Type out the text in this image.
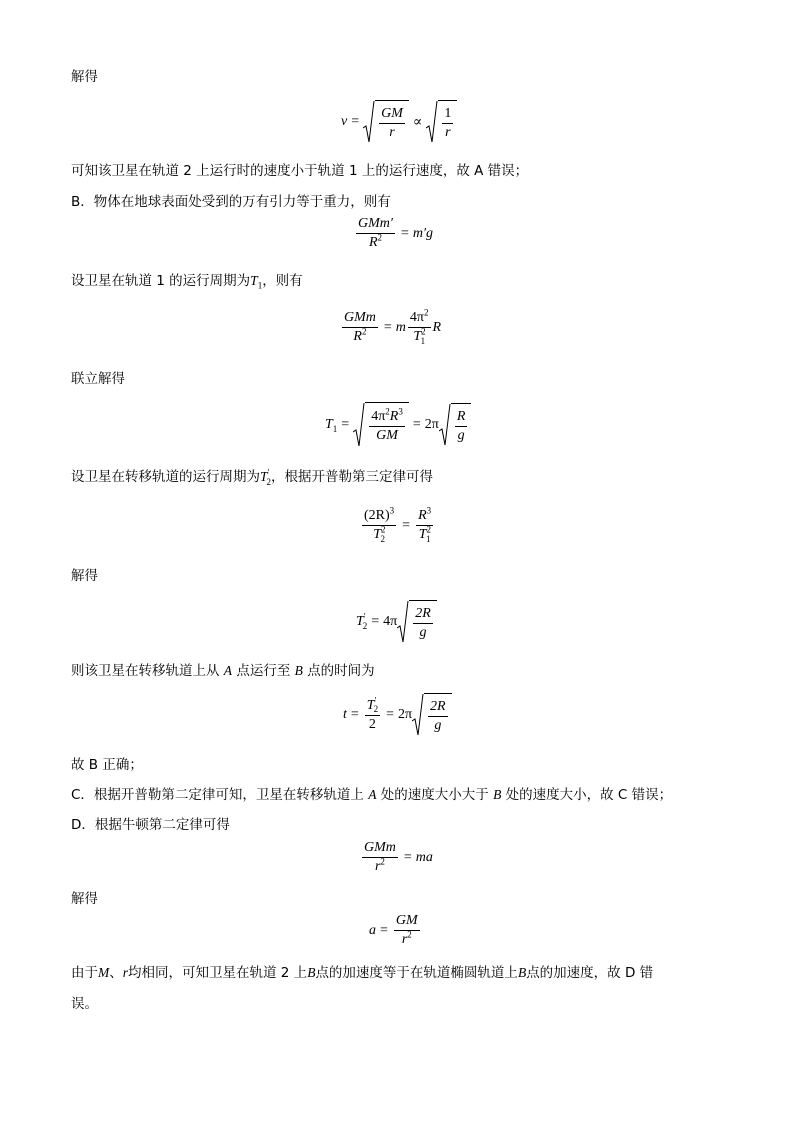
解得
$v = \frac{GM}{r} \propto \frac{1}{r}$
可知该卫星在轨道 2 上运行时的速度小于轨道 1 上的运行速度，故 A 错误；
B．物体在地球表面处受到的万有引力等于重力，则有
$\frac{\text{GMm′}}{R^2} = m'g$
设卫星在轨道 1 的运行周期为$T_1$，则有
$\frac{\text{GMm}}{R^2} = m \frac{4\pi^2}{T^2_1}$ R
联立解得
$T_1 = \frac{4\pi^2R^3}{GM} = 2\pi \frac{R}{g}$
设卫星在转移轨道的运行周期为$T'_2$，根据开普勒第三定律可得
$\frac{(2R)^3}{T^2_2} = \frac{R^3}{T^2_1}$
解得
$T'_2 = 4\pi \frac{2R}{g}$
则该卫星在转移轨道上从 A 点运行至 B 点的时间为
$t = \frac{T'_2}{2} = 2\pi \frac{2R}{g}$
故 B 正确；
C．根据开普勒第二定律可知，卫星在转移轨道上 A 处的速度大小大于 B 处的速度大小，故 C 错误；
D．根据牛顿第二定律可得
$\frac{\text{GMm}}{r^2}$ = ma
解得
$a = \frac{GM}{r^2}$
由于M、r均相同，可知卫星在轨道 2 上B点的加速度等于在轨道椭圆轨道上B点的加速度，故 D 错
误。
